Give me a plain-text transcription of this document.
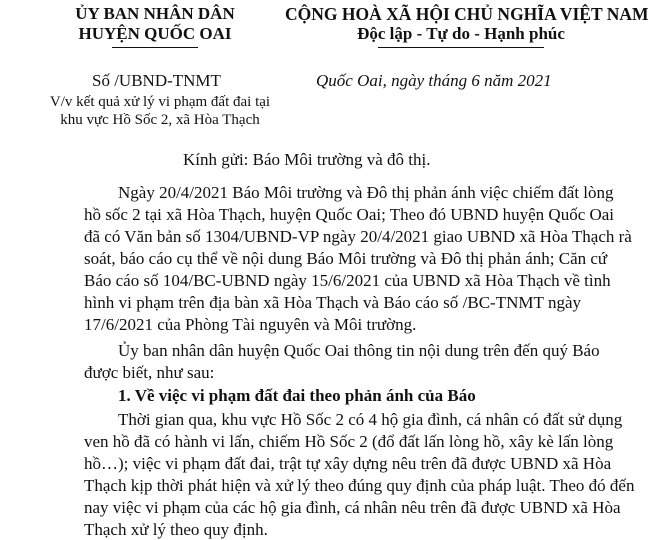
ỦY BAN NHÂN DÂN
HUYỆN QUỐC OAI
CỘNG HOÀ XÃ HỘI CHỦ NGHĨA VIỆT NAM
Độc lập - Tự do - Hạnh phúc
Số /UBND-TNMT	Quốc Oai, ngày tháng 6 năm 2021
V/v kết quả xử lý vi phạm đất đai tại
khu vực Hồ Sốc 2, xã Hòa Thạch
Kính gửi: Báo Môi trường và đô thị.
Ngày 20/4/2021 Báo Môi trường và Đô thị phản ánh việc chiếm đất lòng
hồ sốc 2 tại xã Hòa Thạch, huyện Quốc Oai; Theo đó UBND huyện Quốc Oai
đã có Văn bản số 1304/UBND-VP ngày 20/4/2021 giao UBND xã Hòa Thạch rà
soát, báo cáo cụ thể về nội dung Báo Môi trường và Đô thị phản ánh; Căn cứ
Báo cáo số 104/BC-UBND ngày 15/6/2021 của UBND xã Hòa Thạch về tình
hình vi phạm trên địa bàn xã Hòa Thạch và Báo cáo số /BC-TNMT ngày
17/6/2021 của Phòng Tài nguyên và Môi trường.
Ủy ban nhân dân huyện Quốc Oai thông tin nội dung trên đến quý Báo
được biết, như sau:
1. Về việc vi phạm đất đai theo phản ánh của Báo
Thời gian qua, khu vực Hồ Sốc 2 có 4 hộ gia đình, cá nhân có đất sử dụng
ven hồ đã có hành vi lấn, chiếm Hồ Sốc 2 (đổ đất lấn lòng hồ, xây kè lấn lòng
hồ…); việc vi phạm đất đai, trật tự xây dựng nêu trên đã được UBND xã Hòa
Thạch kịp thời phát hiện và xử lý theo đúng quy định của pháp luật. Theo đó đến
nay việc vi phạm của các hộ gia đình, cá nhân nêu trên đã được UBND xã Hòa
Thạch xử lý theo quy định.
